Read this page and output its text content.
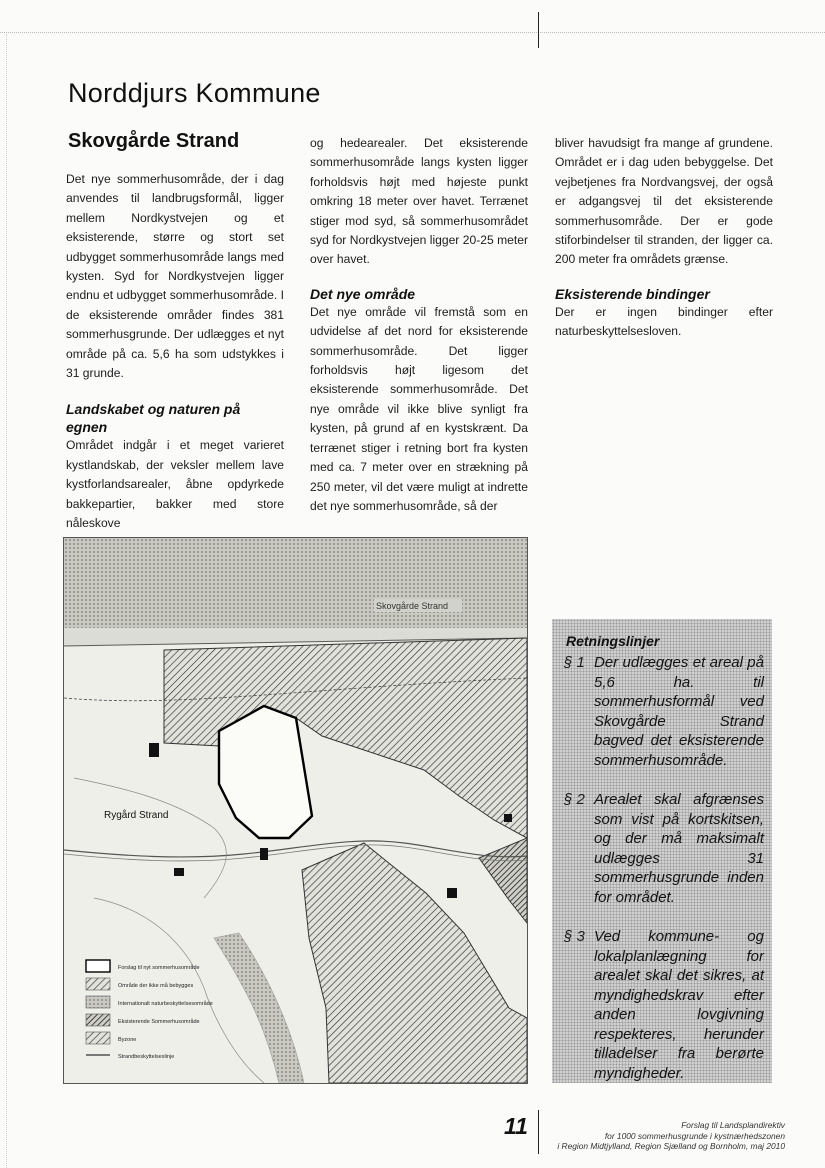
Norddjurs Kommune
Skovgårde Strand

Det nye sommerhusområde, der i dag anvendes til landbrugsformål, ligger mellem Nordkystvejen og et eksisterende, større og stort set udbygget sommerhusområde langs med kysten. Syd for Nordkystvejen ligger endnu et udbygget sommerhusområde. I de eksisterende områder findes 381 sommerhusgrunde. Der udlægges et nyt område på ca. 5,6 ha som udstykkes i 31 grunde.

Landskabet og naturen på egnen

Området indgår i et meget varieret kystlandskab, der veksler mellem lave kystforlandsarealer, åbne opdyrkede bakkepartier, bakker med store nåleskove

og hedearealer. Det eksisterende sommerhusområde langs kysten ligger forholdsvis højt med højeste punkt omkring 18 meter over havet. Terrænet stiger mod syd, så sommerhusområdet syd for Nordkystvejen ligger 20-25 meter over havet.

Det nye område

Det nye område vil fremstå som en udvidelse af det nord for eksisterende sommerhusområde. Det ligger forholdsvis højt ligesom det eksisterende sommerhusområde. Det nye område vil ikke blive synligt fra kysten, på grund af en kystskrænt. Da terrænet stiger i retning bort fra kysten med ca. 7 meter over en strækning på 250 meter, vil det være muligt at indrette det nye sommerhusområde, så der

bliver havudsigt fra mange af grundene. Området er i dag uden bebyggelse. Det vejbetjenes fra Nordvangsvej, der også er adgangsvej til det eksisterende sommerhusområde. Der er gode stiforbindelser til stranden, der ligger ca. 200 meter fra områdets grænse.

Eksisterende bindinger

Der er ingen bindinger efter naturbeskyttelsesloven.

Skovgårde Strand
Rygård Strand
Forslag til nyt sommerhusområde
Område der ikke må bebygges
Internationalt naturbeskyttelsesområde
Eksisterende Sommerhusområde
Byzone
Strandbeskyttelseslinje
Retningslinjer
§ 1 Der udlægges et areal på 5,6 ha. til sommerhusformål ved Skovgårde Strand bagved det eksisterende sommerhusområde.
§ 2 Arealet skal afgrænses som vist på kortskitsen, og der må maksimalt udlægges 31 sommerhusgrunde inden for området.
§ 3 Ved kommune- og lokalplanlægning for arealet skal det sikres, at myndighedskrav efter anden lovgivning respekteres, herunder tilladelser fra berørte myndigheder.
11	Forslag til Landsplandirektiv
for 1000 sommerhusgrunde i kystnærhedszonen
i Region Midtjylland, Region Sjælland og Bornholm, maj 2010
